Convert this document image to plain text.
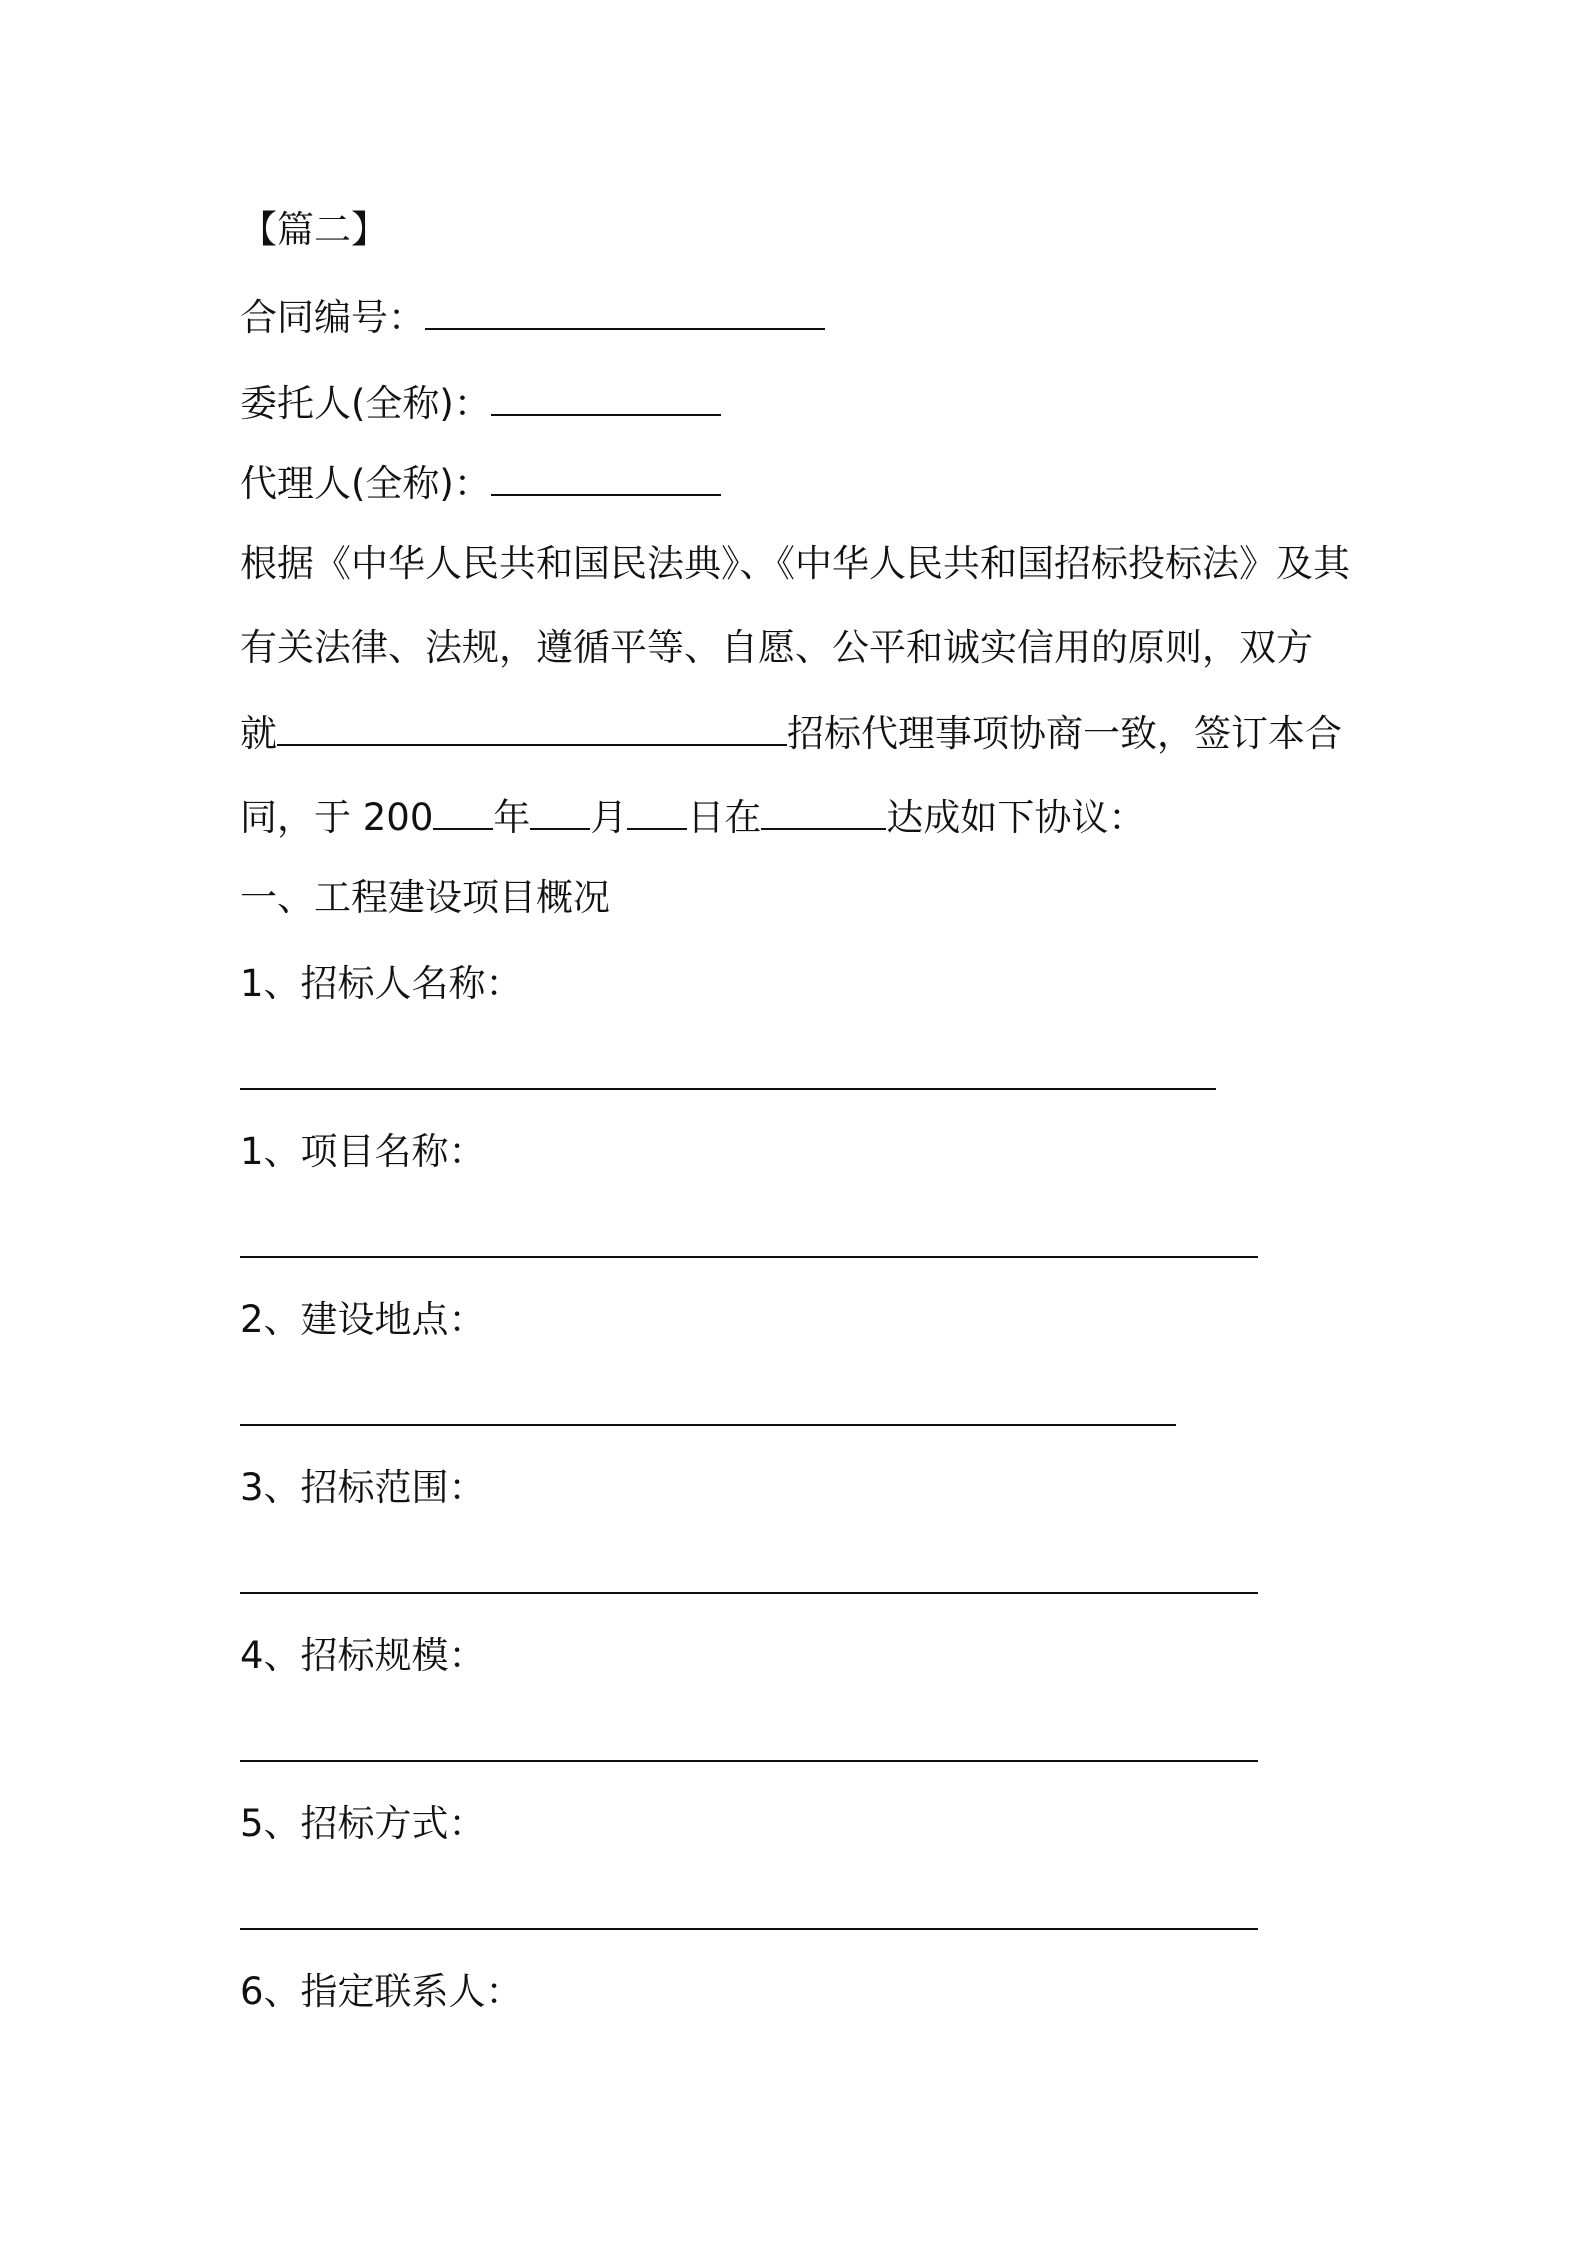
【篇二】
合同编号：
委托人(全称)：
代理人(全称)：
根据《中华人民共和国民法典》、《中华人民共和国招标投标法》及其
有关法律、法规，遵循平等、自愿、公平和诚实信用的原则，双方
就	招标代理事项协商一致，签订本合
同，于 200 年 月 日在	达成如下协议：
一、工程建设项目概况
1、招标人名称：
1、项目名称：
2、建设地点：
3、招标范围：
4、招标规模：
5、招标方式：
6、指定联系人：
